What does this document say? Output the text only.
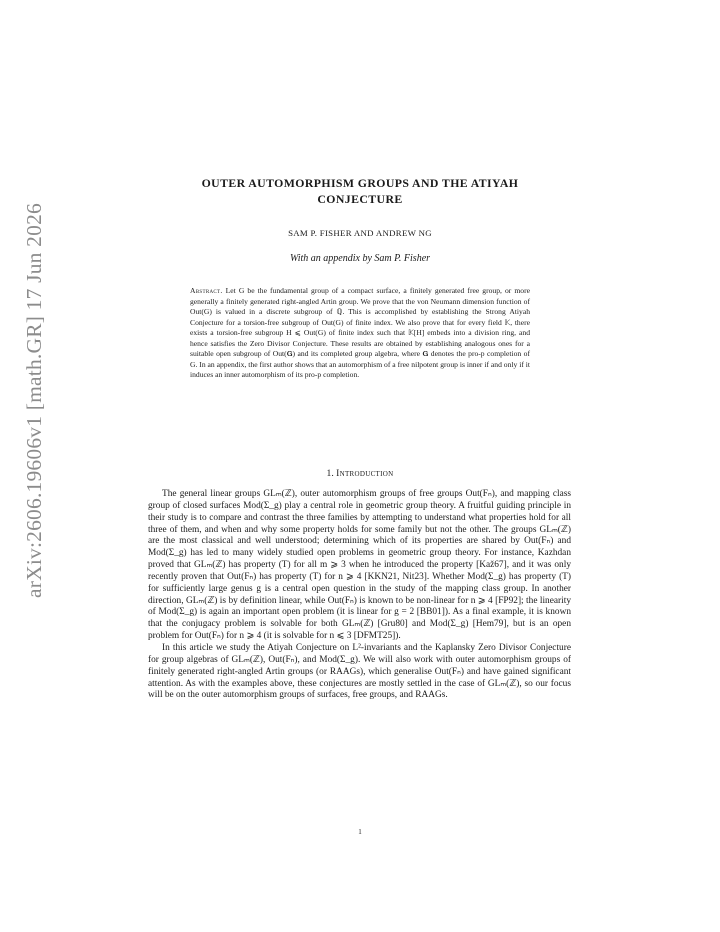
arXiv:2606.19606v1 [math.GR] 17 Jun 2026
OUTER AUTOMORPHISM GROUPS AND THE ATIYAH
CONJECTURE
SAM P. FISHER AND ANDREW NG
With an appendix by Sam P. Fisher
Abstract. Let G be the fundamental group of a compact surface, a finitely generated free group, or more generally a finitely generated right-angled Artin group. We prove that the von Neumann dimension function of Out(G) is valued in a discrete subgroup of ℚ. This is accomplished by establishing the Strong Atiyah Conjecture for a torsion-free subgroup of Out(G) of finite index. We also prove that for every field 𝕂, there exists a torsion-free subgroup H ⩽ Out(G) of finite index such that 𝕂[H] embeds into a division ring, and hence satisfies the Zero Divisor Conjecture. These results are obtained by establishing analogous ones for a suitable open subgroup of Out(𝐆) and its completed group algebra, where 𝐆 denotes the pro-p completion of G. In an appendix, the first author shows that an automorphism of a free nilpotent group is inner if and only if it induces an inner automorphism of its pro-p completion.
1. Introduction

The general linear groups GLₘ(ℤ), outer automorphism groups of free groups Out(Fₙ), and mapping class group of closed surfaces Mod(Σ_g) play a central role in geometric group theory. A fruitful guiding principle in their study is to compare and contrast the three families by attempting to understand what properties hold for all three of them, and when and why some property holds for some family but not the other. The groups GLₘ(ℤ) are the most classical and well understood; determining which of its properties are shared by Out(Fₙ) and Mod(Σ_g) has led to many widely studied open problems in geometric group theory. For instance, Kazhdan proved that GLₘ(ℤ) has property (T) for all m ⩾ 3 when he introduced the property [Kaž67], and it was only recently proven that Out(Fₙ) has property (T) for n ⩾ 4 [KKN21, Nit23]. Whether Mod(Σ_g) has property (T) for sufficiently large genus g is a central open question in the study of the mapping class group. In another direction, GLₘ(ℤ) is by definition linear, while Out(Fₙ) is known to be non-linear for n ⩾ 4 [FP92]; the linearity of Mod(Σ_g) is again an important open problem (it is linear for g = 2 [BB01]). As a final example, it is known that the conjugacy problem is solvable for both GLₘ(ℤ) [Gru80] and Mod(Σ_g) [Hem79], but is an open problem for Out(Fₙ) for n ⩾ 4 (it is solvable for n ⩽ 3 [DFMT25]).

In this article we study the Atiyah Conjecture on L²-invariants and the Kaplansky Zero Divisor Conjecture for group algebras of GLₘ(ℤ), Out(Fₙ), and Mod(Σ_g). We will also work with outer automorphism groups of finitely generated right-angled Artin groups (or RAAGs), which generalise Out(Fₙ) and have gained significant attention. As with the examples above, these conjectures are mostly settled in the case of GLₘ(ℤ), so our focus will be on the outer automorphism groups of surfaces, free groups, and RAAGs.

1
